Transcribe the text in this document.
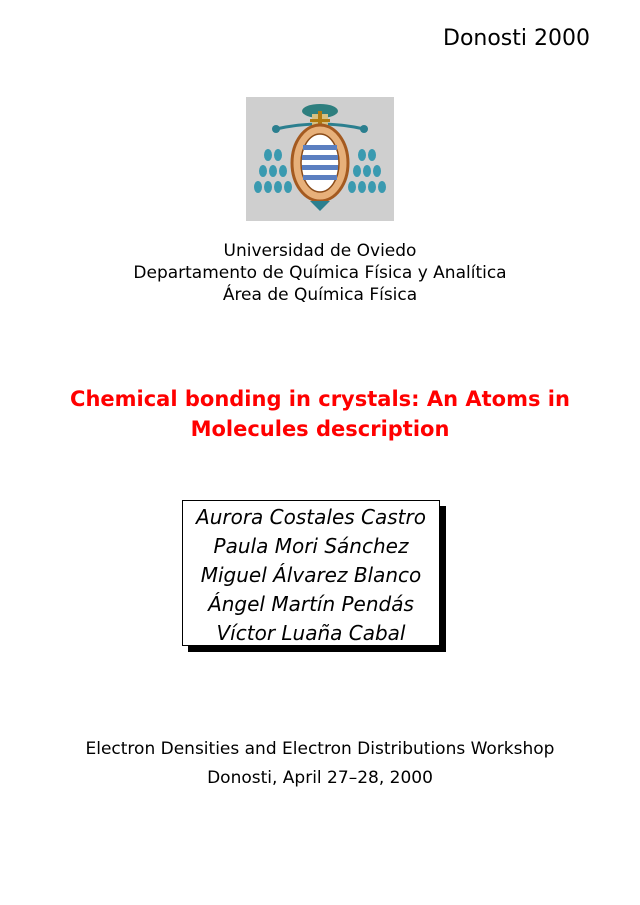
Donosti 2000
Universidad de Oviedo
Departamento de Química Física y Analítica
Área de Química Física
Chemical bonding in crystals: An Atoms in
Molecules description
Aurora Costales Castro
Paula Mori Sánchez
Miguel Álvarez Blanco
Ángel Martín Pendás
Víctor Luaña Cabal
Electron Densities and Electron Distributions Workshop
Donosti, April 27–28, 2000
